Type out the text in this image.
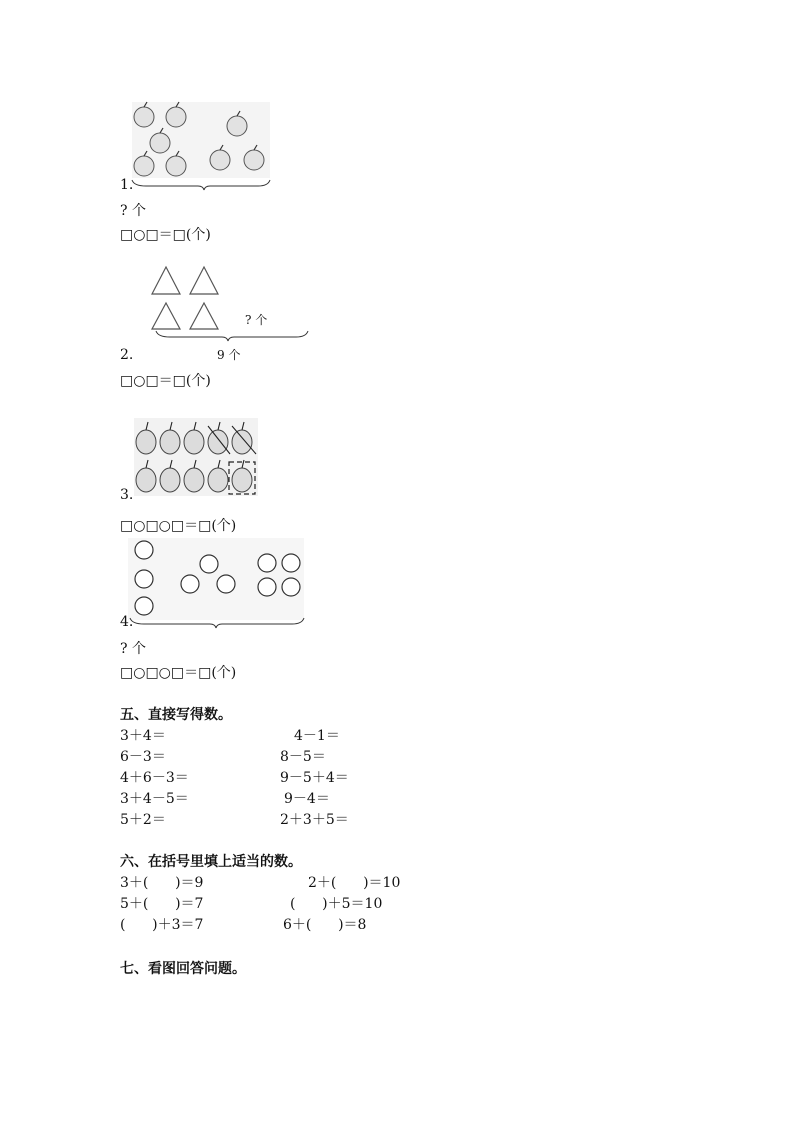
1.
? 个
□○□＝□(个)
? 个
9 个
2.
□○□＝□(个)
3.
□○□○□＝□(个)
4.
? 个
□○□○□＝□(个)
五、直接写得数。
3＋4＝
6－3＝
4＋6－3＝
3＋4－5＝
5＋2＝
4－1＝
8－5＝
9－5＋4＝
9－4＝
2＋3＋5＝
六、在括号里填上适当的数。
3＋(      )＝9
5＋(      )＝7
(      )＋3＝7
2＋(      )＝10
(      )＋5＝10
6＋(      )＝8
七、看图回答问题。
